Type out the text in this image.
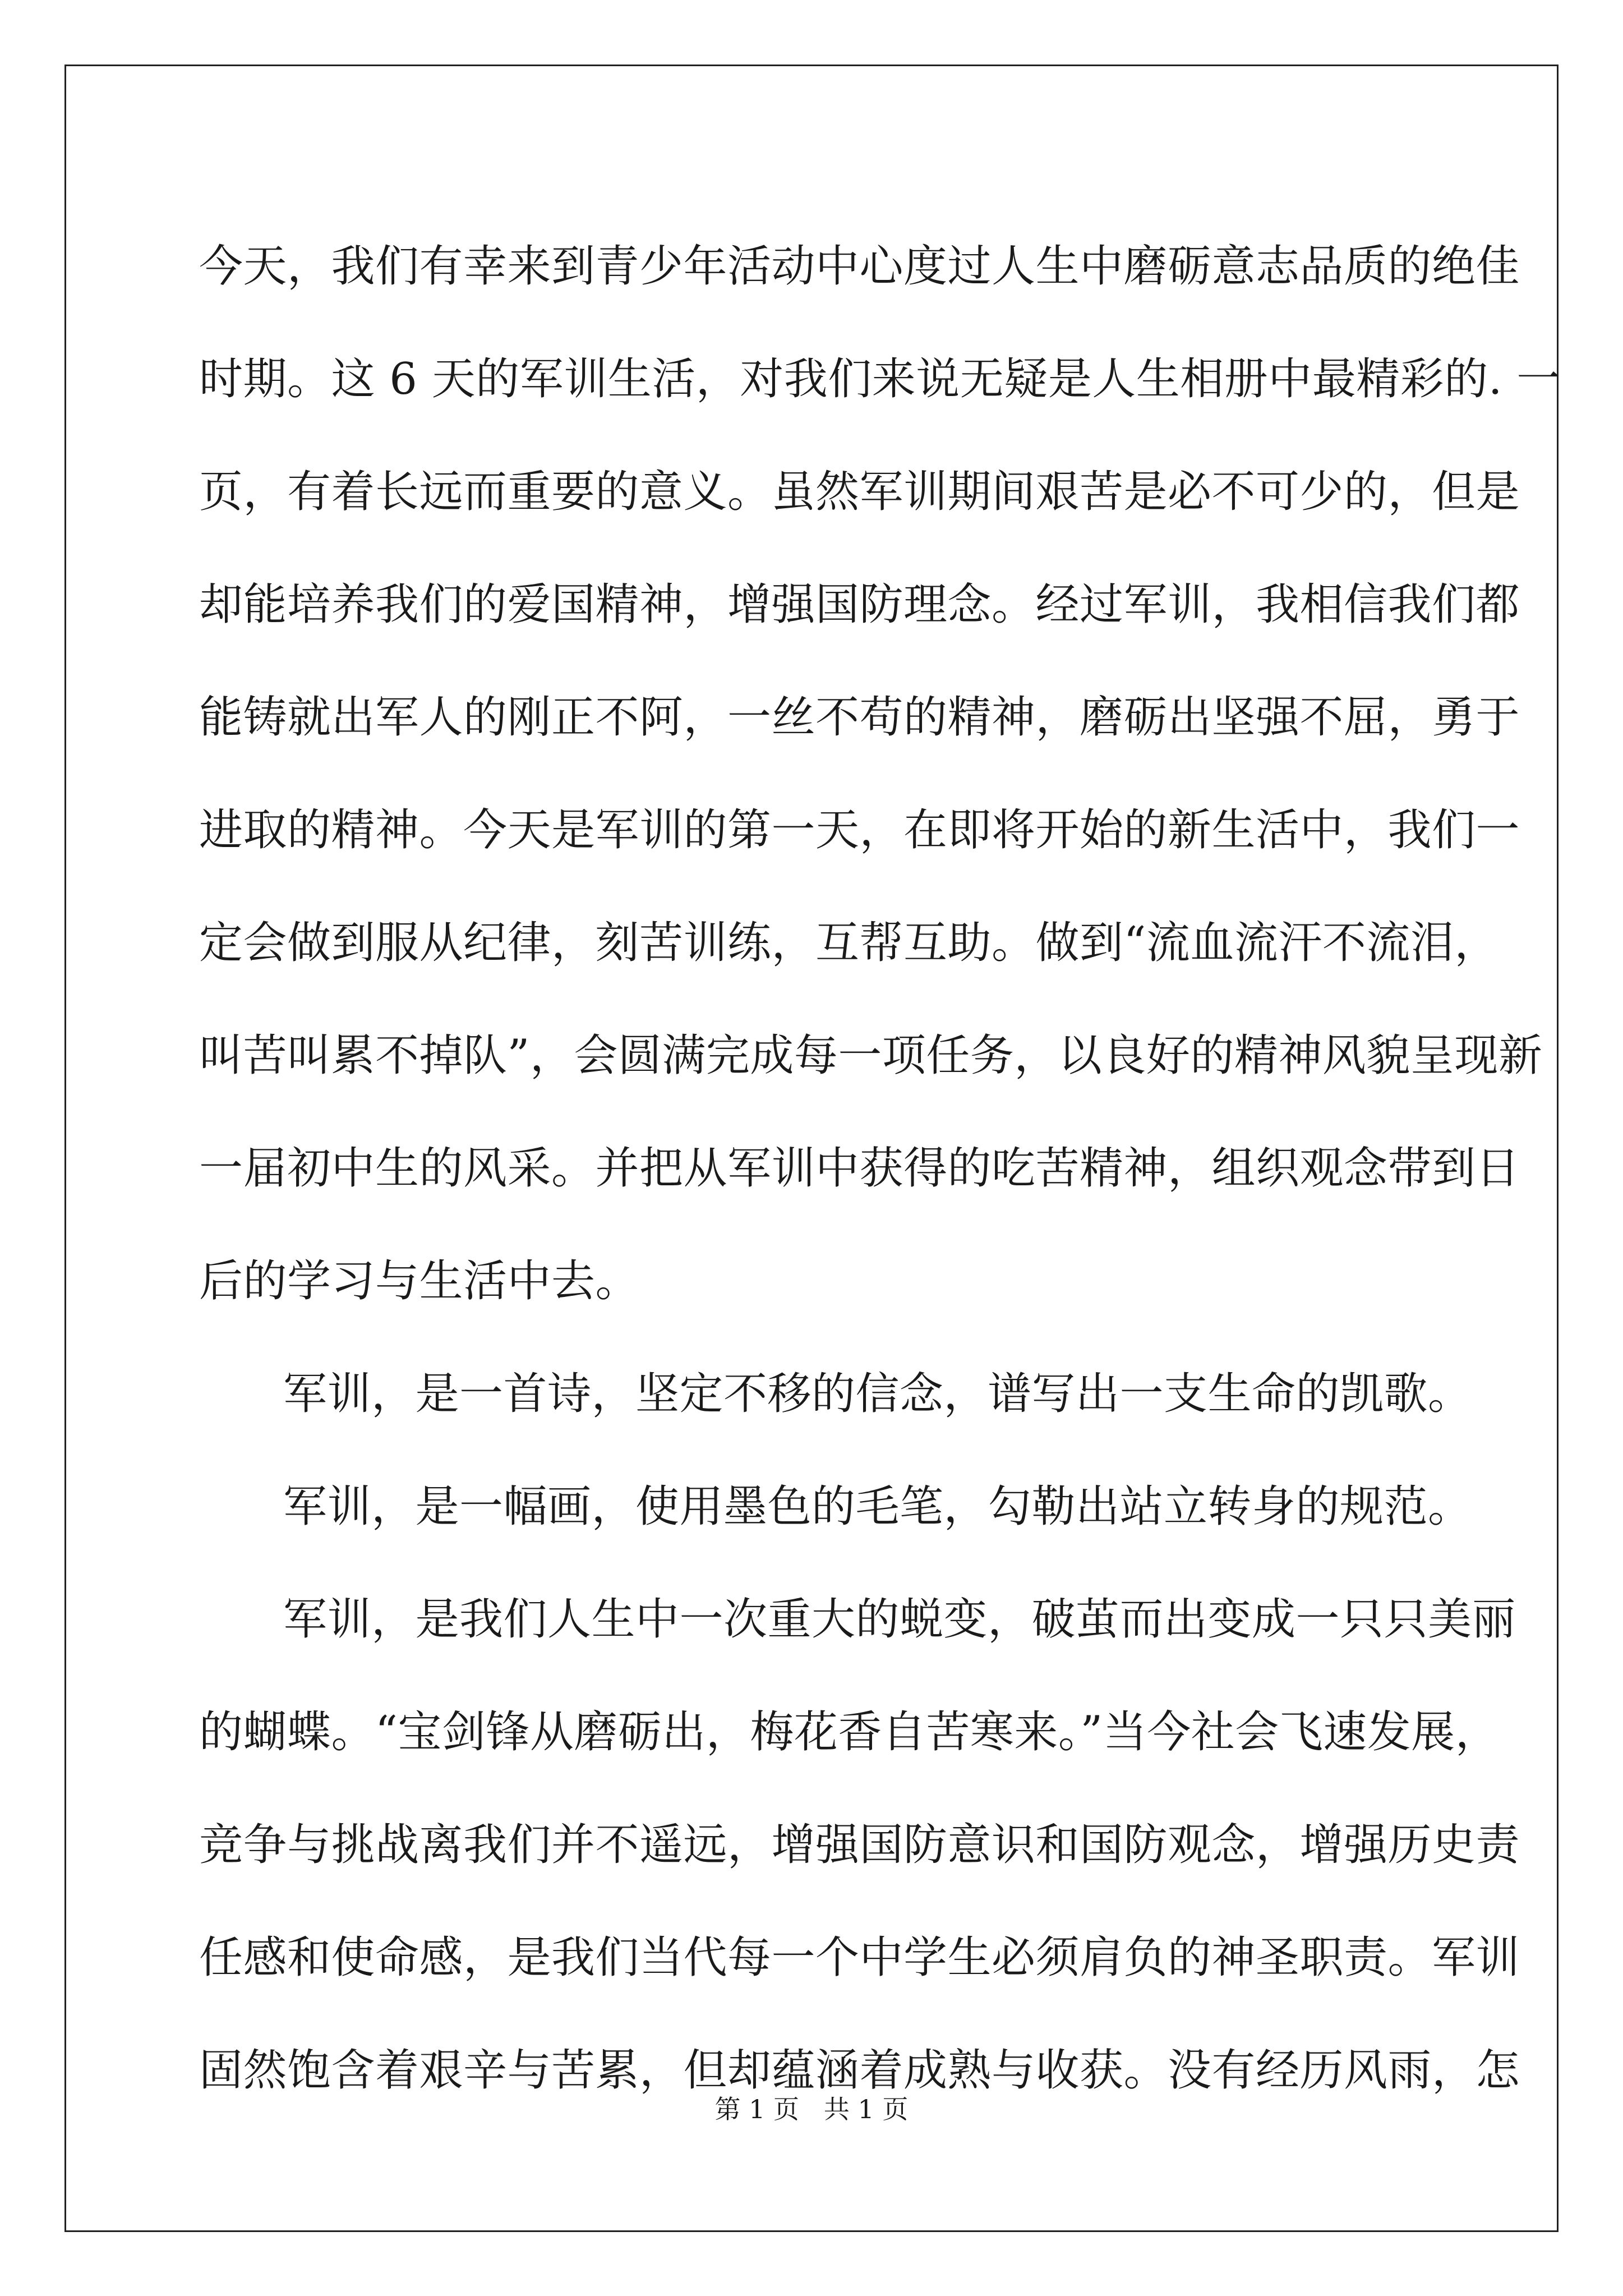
今天，我们有幸来到青少年活动中心度过人生中磨砺意志品质的绝佳
时期。这 6 天的军训生活，对我们来说无疑是人生相册中最精彩的. 一
页，有着长远而重要的意义。虽然军训期间艰苦是必不可少的，但是
却能培养我们的爱国精神，增强国防理念。经过军训，我相信我们都
能铸就出军人的刚正不阿，一丝不苟的精神，磨砺出坚强不屈，勇于
进取的精神。今天是军训的第一天，在即将开始的新生活中，我们一
定会做到服从纪律，刻苦训练，互帮互助。做到“流血流汗不流泪，
叫苦叫累不掉队”，会圆满完成每一项任务，以良好的精神风貌呈现新
一届初中生的风采。并把从军训中获得的吃苦精神，组织观念带到日
后的学习与生活中去。
军训，是一首诗，坚定不移的信念，谱写出一支生命的凯歌。
军训，是一幅画，使用墨色的毛笔，勾勒出站立转身的规范。
军训，是我们人生中一次重大的蜕变，破茧而出变成一只只美丽
的蝴蝶。“宝剑锋从磨砺出，梅花香自苦寒来。”当今社会飞速发展，
竞争与挑战离我们并不遥远，增强国防意识和国防观念，增强历史责
任感和使命感，是我们当代每一个中学生必须肩负的神圣职责。军训
固然饱含着艰辛与苦累，但却蕴涵着成熟与收获。没有经历风雨，怎
第 1 页   共 1 页
